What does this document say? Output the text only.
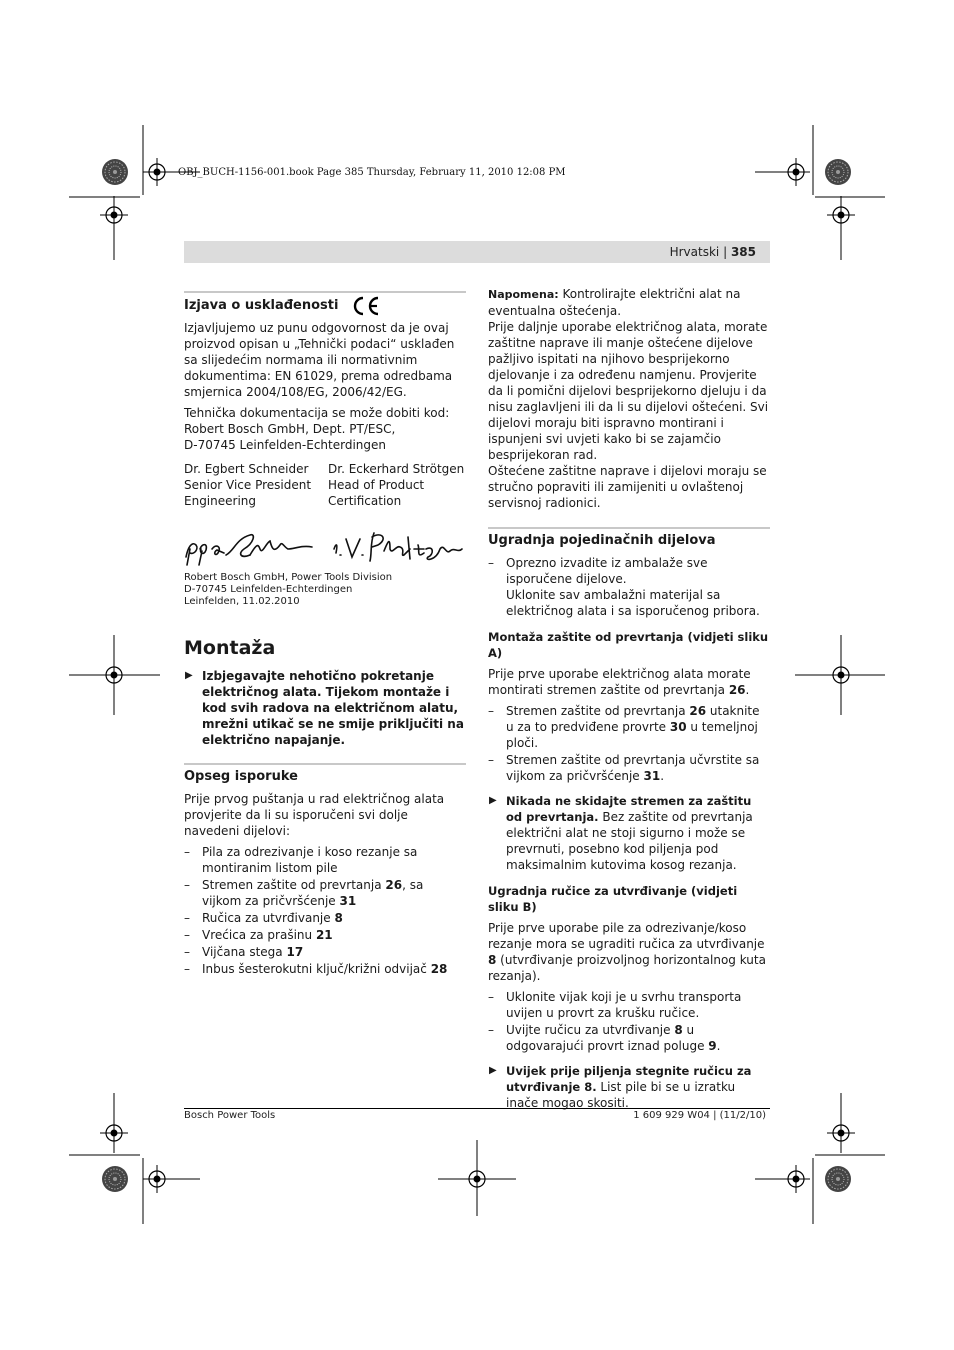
OBJ_BUCH-1156-001.book Page 385 Thursday, February 11, 2010 12:08 PM
Hrvatski | 385
Izjava o usklađenosti

Izjavljujemo uz punu odgovornost da je ovaj proizvod opisan u „Tehnički podaci“ usklađen sa slijedećim normama ili normativnim dokumentima: EN 61029, prema odredbama smjernica 2004/108/EG, 2006/42/EG.

Tehnička dokumentacija se može dobiti kod:

Robert Bosch GmbH, Dept. PT/ESC,

D-70745 Leinfelden-Echterdingen

Dr. Egbert Schneider

Senior Vice President

Engineering

Dr. Eckerhard Strötgen

Head of Product

Certification

Robert Bosch GmbH, Power Tools Division

D-70745 Leinfelden-Echterdingen

Leinfelden, 11.02.2010

Montaža
▶ Izbjegavajte nehotično pokretanje električnog alata. Tijekom montaže i kod svih radova na električnom alatu, mrežni utikač se ne smije priključiti na električno napajanje.
Opseg isporuke

Prije prvog puštanja u rad električnog alata provjerite da li su isporučeni svi dolje navedeni dijelovi:

– Pila za odrezivanje i koso rezanje sa montiranim listom pile
– Stremen zaštite od prevrtanja 26, sa vijkom za pričvršćenje 31
– Ručica za utvrđivanje 8
– Vrećica za prašinu 21
– Vijčana stega 17
– Inbus šesterokutni ključ/križni odvijač 28

Napomena: Kontrolirajte električni alat na eventualna oštećenja.

Prije daljnje uporabe električnog alata, morate zaštitne naprave ili manje oštećene dijelove pažljivo ispitati na njihovo besprijekorno djelovanje i za određenu namjenu. Provjerite da li pomični dijelovi besprijekorno djeluju i da nisu zaglavljeni ili da li su dijelovi oštećeni. Svi dijelovi moraju biti ispravno montirani i ispunjeni svi uvjeti kako bi se zajamčio besprijekoran rad.

Oštećene zaštitne naprave i dijelovi moraju se stručno popraviti ili zamijeniti u ovlaštenoj servisnoj radionici.

Ugradnja pojedinačnih dijelova
– Oprezno izvadite iz ambalaže sve isporučene dijelove.

Uklonite sav ambalažni materijal sa električnog alata i sa isporučenog pribora.

Montaža zaštite od prevrtanja (vidjeti sliku A)

Prije prve uporabe električnog alata morate montirati stremen zaštite od prevrtanja 26.

– Stremen zaštite od prevrtanja 26 utaknite u za to predviđene provrte 30 u temeljnoj ploči.
– Stremen zaštite od prevrtanja učvrstite sa vijkom za pričvršćenje 31.
▶ Nikada ne skidajte stremen za zaštitu od prevrtanja. Bez zaštite od prevrtanja električni alat ne stoji sigurno i može se prevrnuti, posebno kod piljenja pod maksimalnim kutovima kosog rezanja.
Ugradnja ručice za utvrđivanje (vidjeti sliku B)

Prije prve uporabe pile za odrezivanje/koso rezanje mora se ugraditi ručica za utvrđivanje 8 (utvrđivanje proizvoljnog horizontalnog kuta rezanja).

– Uklonite vijak koji je u svrhu transporta uvijen u provrt za krušku ručice.
– Uvijte ručicu za utvrđivanje 8 u odgovarajući provrt iznad poluge 9.
▶ Uvijek prije piljenja stegnite ručicu za utvrđivanje 8. List pile bi se u izratku inače mogao skositi.
Bosch Power Tools	1 609 929 W04 | (11/2/10)
